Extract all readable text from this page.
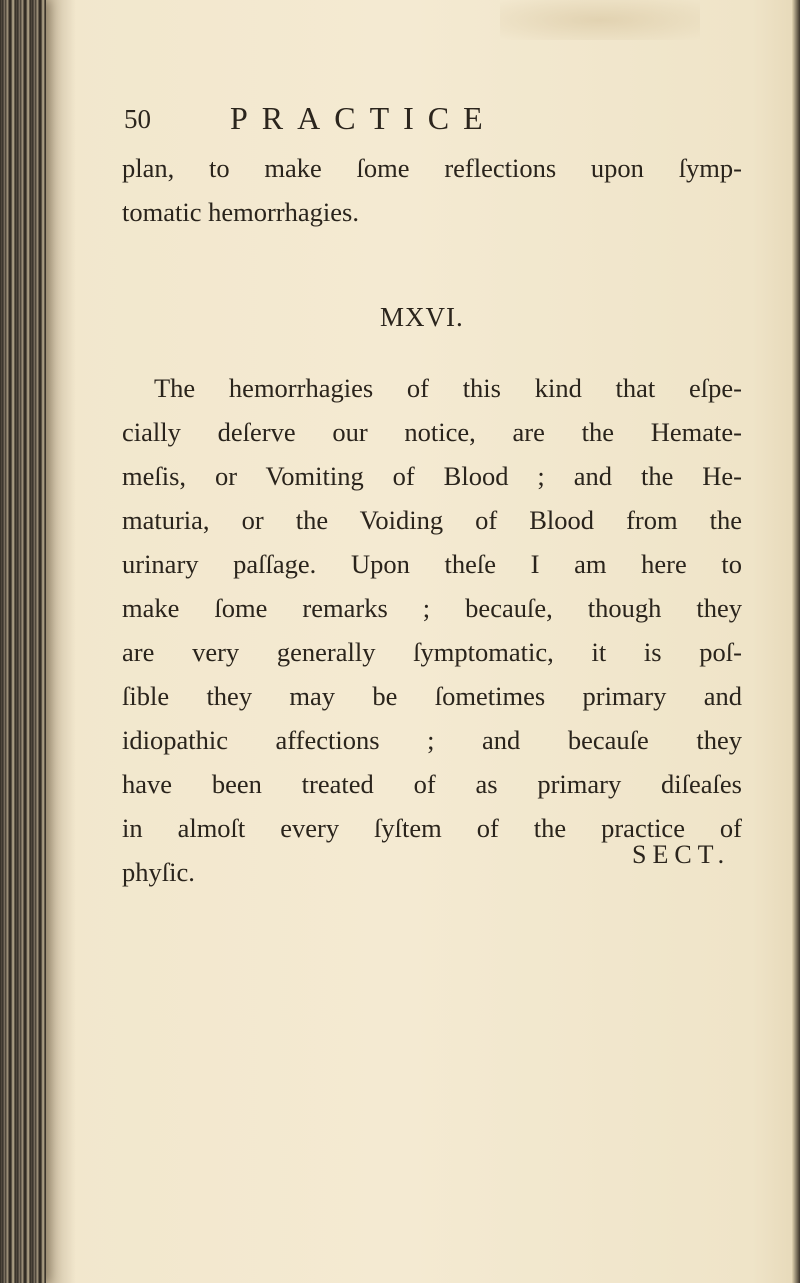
50 PRACTICE
plan, to make ſome reflections upon ſymp-
tomatic hemorrhagies.
MXVI.
The hemorrhagies of this kind that eſpe-
cially deſerve our notice, are the Hemate-
meſis, or Vomiting of Blood ; and the He-
maturia, or the Voiding of Blood from the
urinary paſſage. Upon theſe I am here to
make ſome remarks ; becauſe, though they
are very generally ſymptomatic, it is poſ-
ſible they may be ſometimes primary and
idiopathic affections ; and becauſe they
have been treated of as primary diſeaſes
in almoſt every ſyſtem of the practice of
phyſic.
SECT.
